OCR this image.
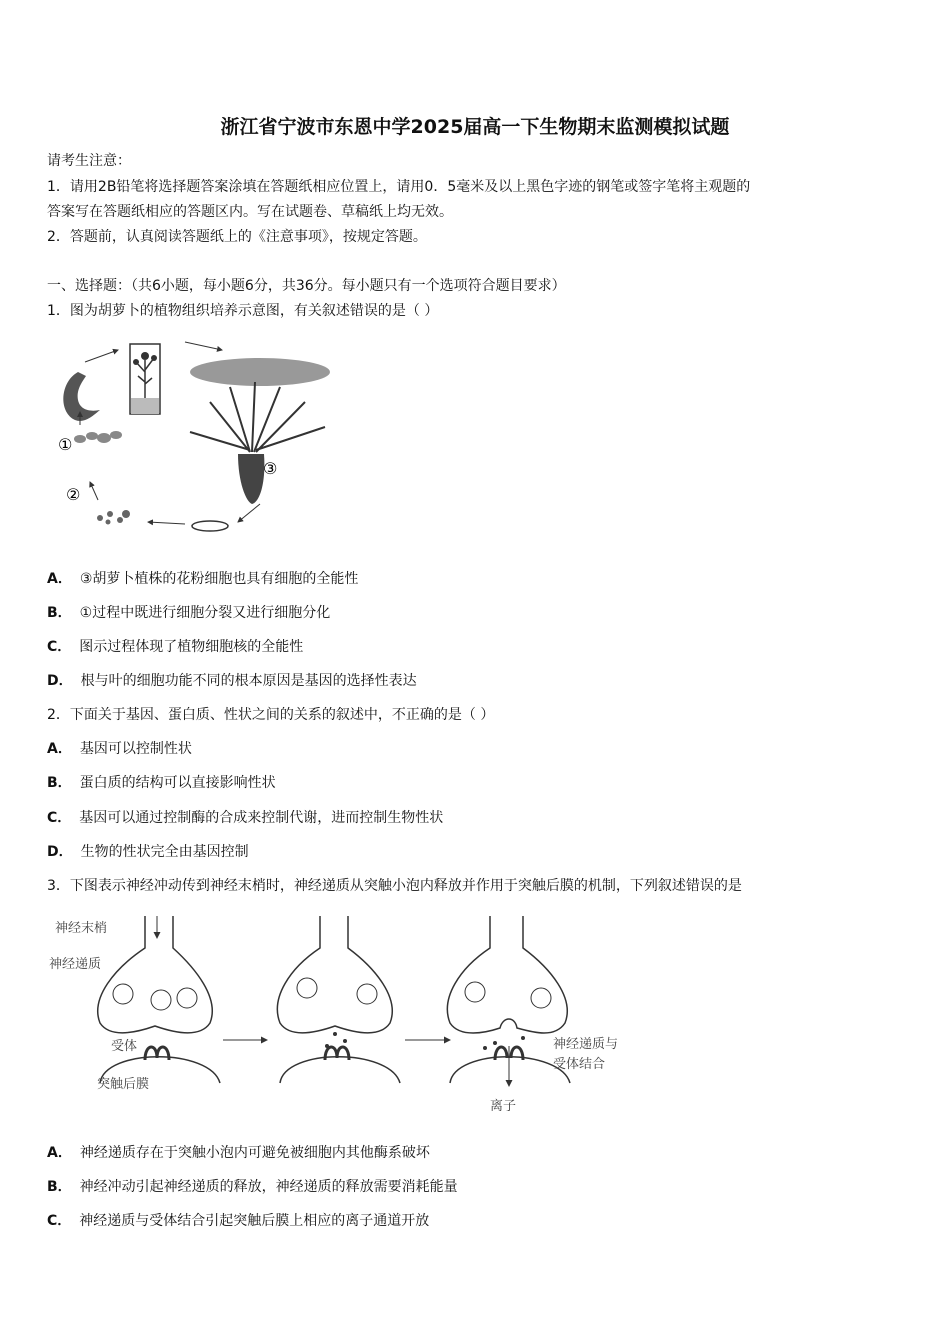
浙江省宁波市东恩中学2025届高一下生物期末监测模拟试题
请考生注意：
1．请用2B铅笔将选择题答案涂填在答题纸相应位置上，请用0．5毫米及以上黑色字迹的钢笔或签字笔将主观题的
答案写在答题纸相应的答题区内。写在试题卷、草稿纸上均无效。
2．答题前，认真阅读答题纸上的《注意事项》，按规定答题。
一、选择题：（共6小题，每小题6分，共36分。每小题只有一个选项符合题目要求）
1．图为胡萝卜的植物组织培养示意图，有关叙述错误的是（ ）
①
②
③
A． ③胡萝卜植株的花粉细胞也具有细胞的全能性
B． ①过程中既进行细胞分裂又进行细胞分化
C． 图示过程体现了植物细胞核的全能性
D． 根与叶的细胞功能不同的根本原因是基因的选择性表达
2．下面关于基因、蛋白质、性状之间的关系的叙述中，不正确的是（ ）
A． 基因可以控制性状
B． 蛋白质的结构可以直接影响性状
C． 基因可以通过控制酶的合成来控制代谢，进而控制生物性状
D． 生物的性状完全由基因控制
3．下图表示神经冲动传到神经末梢时，神经递质从突触小泡内释放并作用于突触后膜的机制，下列叙述错误的是
神经末梢
神经递质
受体
突触后膜
神经递质与
受体结合
离子
A． 神经递质存在于突触小泡内可避免被细胞内其他酶系破坏
B． 神经冲动引起神经递质的释放，神经递质的释放需要消耗能量
C． 神经递质与受体结合引起突触后膜上相应的离子通道开放
